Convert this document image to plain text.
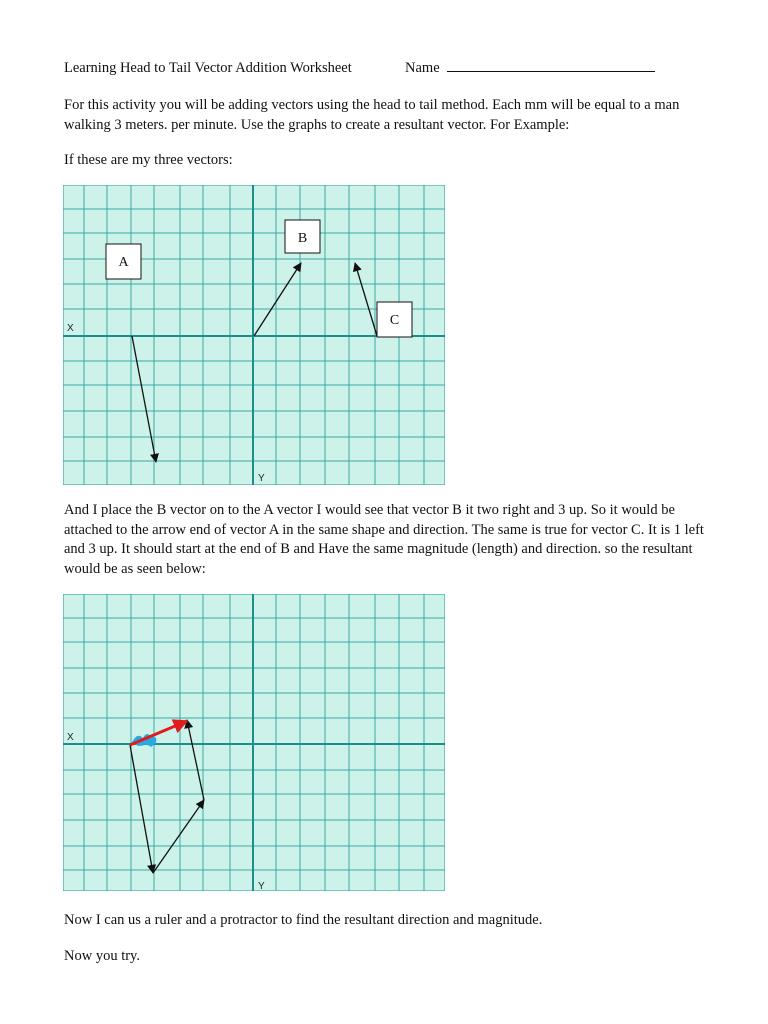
Learning Head to Tail Vector Addition Worksheet	Name
For this activity you will be adding vectors using the head to tail method. Each mm will be equal to a man walking 3 meters. per minute. Use the graphs to create a resultant vector. For Example:
If these are my three vectors:
X
Y
A
B
C
And I place the B vector on to the A vector I would see that vector B it two right and 3 up. So it would be attached to the arrow end of vector A in the same shape and direction. The same is true for vector C. It is 1 left and 3 up. It should start at the end of B and Have the same magnitude (length) and direction. so the resultant would be as seen below:
X
Y
Now I can us a ruler and a protractor to find the resultant direction and magnitude.
Now you try.
